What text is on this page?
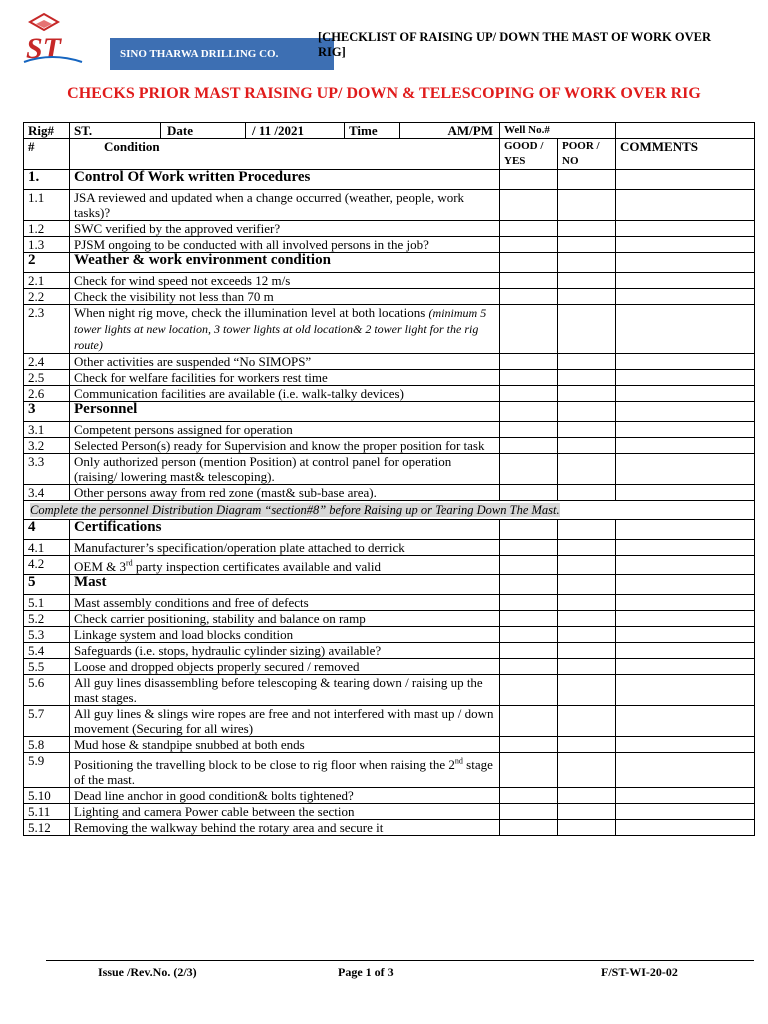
ST	SINO THARWA DRILLING CO.
[CHECKLIST OF RAISING UP/ DOWN THE MAST OF WORK OVER RIG]
CHECKS PRIOR MAST RAISING UP/ DOWN & TELESCOPING OF WORK OVER RIG
Rig#	ST. Date / 11 /2021 Time AM/PM	Well No.#		
#	Condition	GOOD / YES	POOR / NO	COMMENTS
1.	Control Of Work written Procedures			
1.1	JSA reviewed and updated when a change occurred (weather, people, work tasks)?			
1.2	SWC verified by the approved verifier?			
1.3	PJSM ongoing to be conducted with all involved persons in the job?			
2	Weather & work environment condition			
2.1	Check for wind speed not exceeds 12 m/s			
2.2	Check the visibility not less than 70 m			
2.3	When night rig move, check the illumination level at both locations (minimum 5 tower lights at new location, 3 tower lights at old location& 2 tower light for the rig route)			
2.4	Other activities are suspended “No SIMOPS”			
2.5	Check for welfare facilities for workers rest time			
2.6	Communication facilities are available (i.e. walk-talky devices)			
3	Personnel			
3.1	Competent persons assigned for operation			
3.2	Selected Person(s) ready for Supervision and know the proper position for task			
3.3	Only authorized person (mention Position) at control panel for operation (raising/ lowering mast& telescoping).			
3.4	Other persons away from red zone (mast& sub-base area).			
Complete the personnel Distribution Diagram “section#8” before Raising up or Tearing Down The Mast.				
4	Certifications			
4.1	Manufacturer’s specification/operation plate attached to derrick			
4.2	OEM & 3rd party inspection certificates available and valid			
5	Mast			
5.1	Mast assembly conditions and free of defects			
5.2	Check carrier positioning, stability and balance on ramp			
5.3	Linkage system and load blocks condition			
5.4	Safeguards (i.e. stops, hydraulic cylinder sizing) available?			
5.5	Loose and dropped objects properly secured / removed			
5.6	All guy lines disassembling before telescoping & tearing down / raising up the mast stages.			
5.7	All guy lines & slings wire ropes are free and not interfered with mast up / down movement (Securing for all wires)			
5.8	Mud hose & standpipe snubbed at both ends			
5.9	Positioning the travelling block to be close to rig floor when raising the 2nd stage of the mast.			
5.10	Dead line anchor in good condition& bolts tightened?			
5.11	Lighting and camera Power cable between the section			
5.12	Removing the walkway behind the rotary area and secure it			
Issue /Rev.No. (2/3)	Page 1 of 3	F/ST-WI-20-02
